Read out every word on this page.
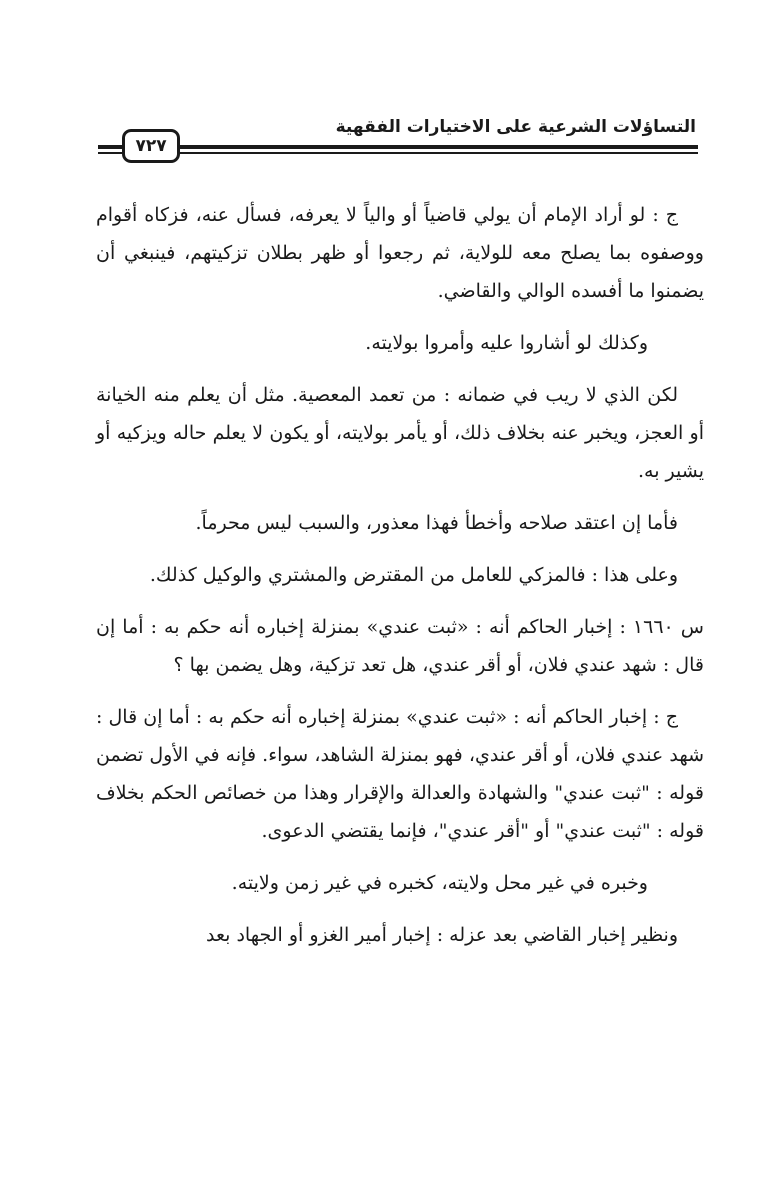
التساؤلات الشرعية على الاختيارات الفقهية
٧٢٧

ج : لو أراد الإمام أن يولي قاضياً أو والياً لا يعرفه، فسأل عنه، فزكاه أقوام ووصفوه بما يصلح معه للولاية، ثم رجعوا أو ظهر بطلان تزكيتهم، فينبغي أن يضمنوا ما أفسده الوالي والقاضي.

وكذلك لو أشاروا عليه وأمروا بولايته.

لكن الذي لا ريب في ضمانه : من تعمد المعصية. مثل أن يعلم منه الخيانة أو العجز، ويخبر عنه بخلاف ذلك، أو يأمر بولايته، أو يكون لا يعلم حاله ويزكيه أو يشير به.

فأما إن اعتقد صلاحه وأخطأ فهذا معذور، والسبب ليس محرماً.

وعلى هذا : فالمزكي للعامل من المقترض والمشتري والوكيل كذلك.

س ١٦٦٠ : إخبار الحاكم أنه : «ثبت عندي» بمنزلة إخباره أنه حكم به : أما إن قال : شهد عندي فلان، أو أقر عندي، هل تعد تزكية، وهل يضمن بها ؟

ج : إخبار الحاكم أنه : «ثبت عندي» بمنزلة إخباره أنه حكم به : أما إن قال : شهد عندي فلان، أو أقر عندي، فهو بمنزلة الشاهد، سواء. فإنه في الأول تضمن قوله : "ثبت عندي" والشهادة والعدالة والإقرار وهذا من خصائص الحكم بخلاف قوله : "ثبت عندي" أو "أقر عندي"، فإنما يقتضي الدعوى.

وخبره في غير محل ولايته، كخبره في غير زمن ولايته.

ونظير إخبار القاضي بعد عزله : إخبار أمير الغزو أو الجهاد بعد
